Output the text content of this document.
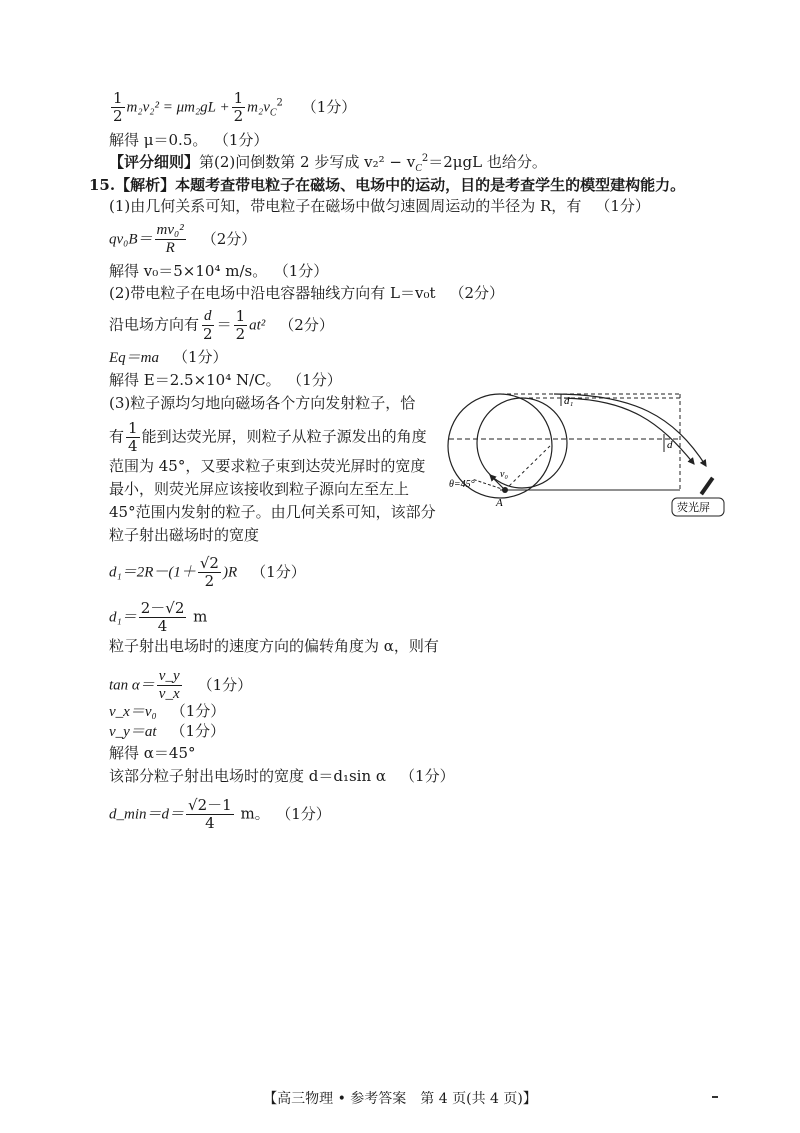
$\frac{1}{2} m_2v_2^2 = \mu m_2gL + \frac{1}{2} m_2v_C^2$ （1分）
解得 μ＝0.5。 （1分）
【评分细则】第(2)问倒数第 2 步写成 $v_2^2 - v_C^2=2\mu gL$ 也给分。
15.【解析】本题考查带电粒子在磁场、电场中的运动，目的是考查学生的模型建构能力。
(1)由几何关系可知，带电粒子在磁场中做匀速圆周运动的半径为 R，有 （1分）
$qv_0B= \frac{\text{mv₀²}}{R} (2$分）
解得 v₀＝5×10⁴ m/s。 （1分）
(2)带电粒子在电场中沿电容器轴线方向有 L＝v₀t （2分）
沿电场方向有 $\frac{d}{2} = \frac{1}{2} at^2$ （2分）
Eq＝ma （1分）
解得 E＝2.5×10⁴ N/C。 （1分）
(3)粒子源均匀地向磁场各个方向发射粒子，恰
有 $\frac{1}{4}$ 能到达荧光屏，则粒子从粒子源发出的角度
范围为 45°，又要求粒子束到达荧光屏时的宽度
最小，则荧光屏应该接收到粒子源向左至左上
45°范围内发射的粒子。由几何关系可知，该部分
粒子射出磁场时的宽度
$d_1=2R-(1+ \frac{√2}{2} )R$ （1分）
$d_1= \frac{2-√2}{4}$ m
粒子射出电场时的速度方向的偏转角度为 α，则有
$\tan \alpha= \frac{v\_y}{v\_x} (1$分）
v_x＝v₀ （1分）
v_y＝at （1分）
解得 α＝45°
该部分粒子射出电场时的宽度 d＝d₁sin α （1分）
d_min＝d＝ $\frac{√2-1}{4}$ m。 （1分）
d₁
d
v₀
θ=45°
A	荧光屏
【高三物理 • 参考答案　第 4 页(共 4 页)】
